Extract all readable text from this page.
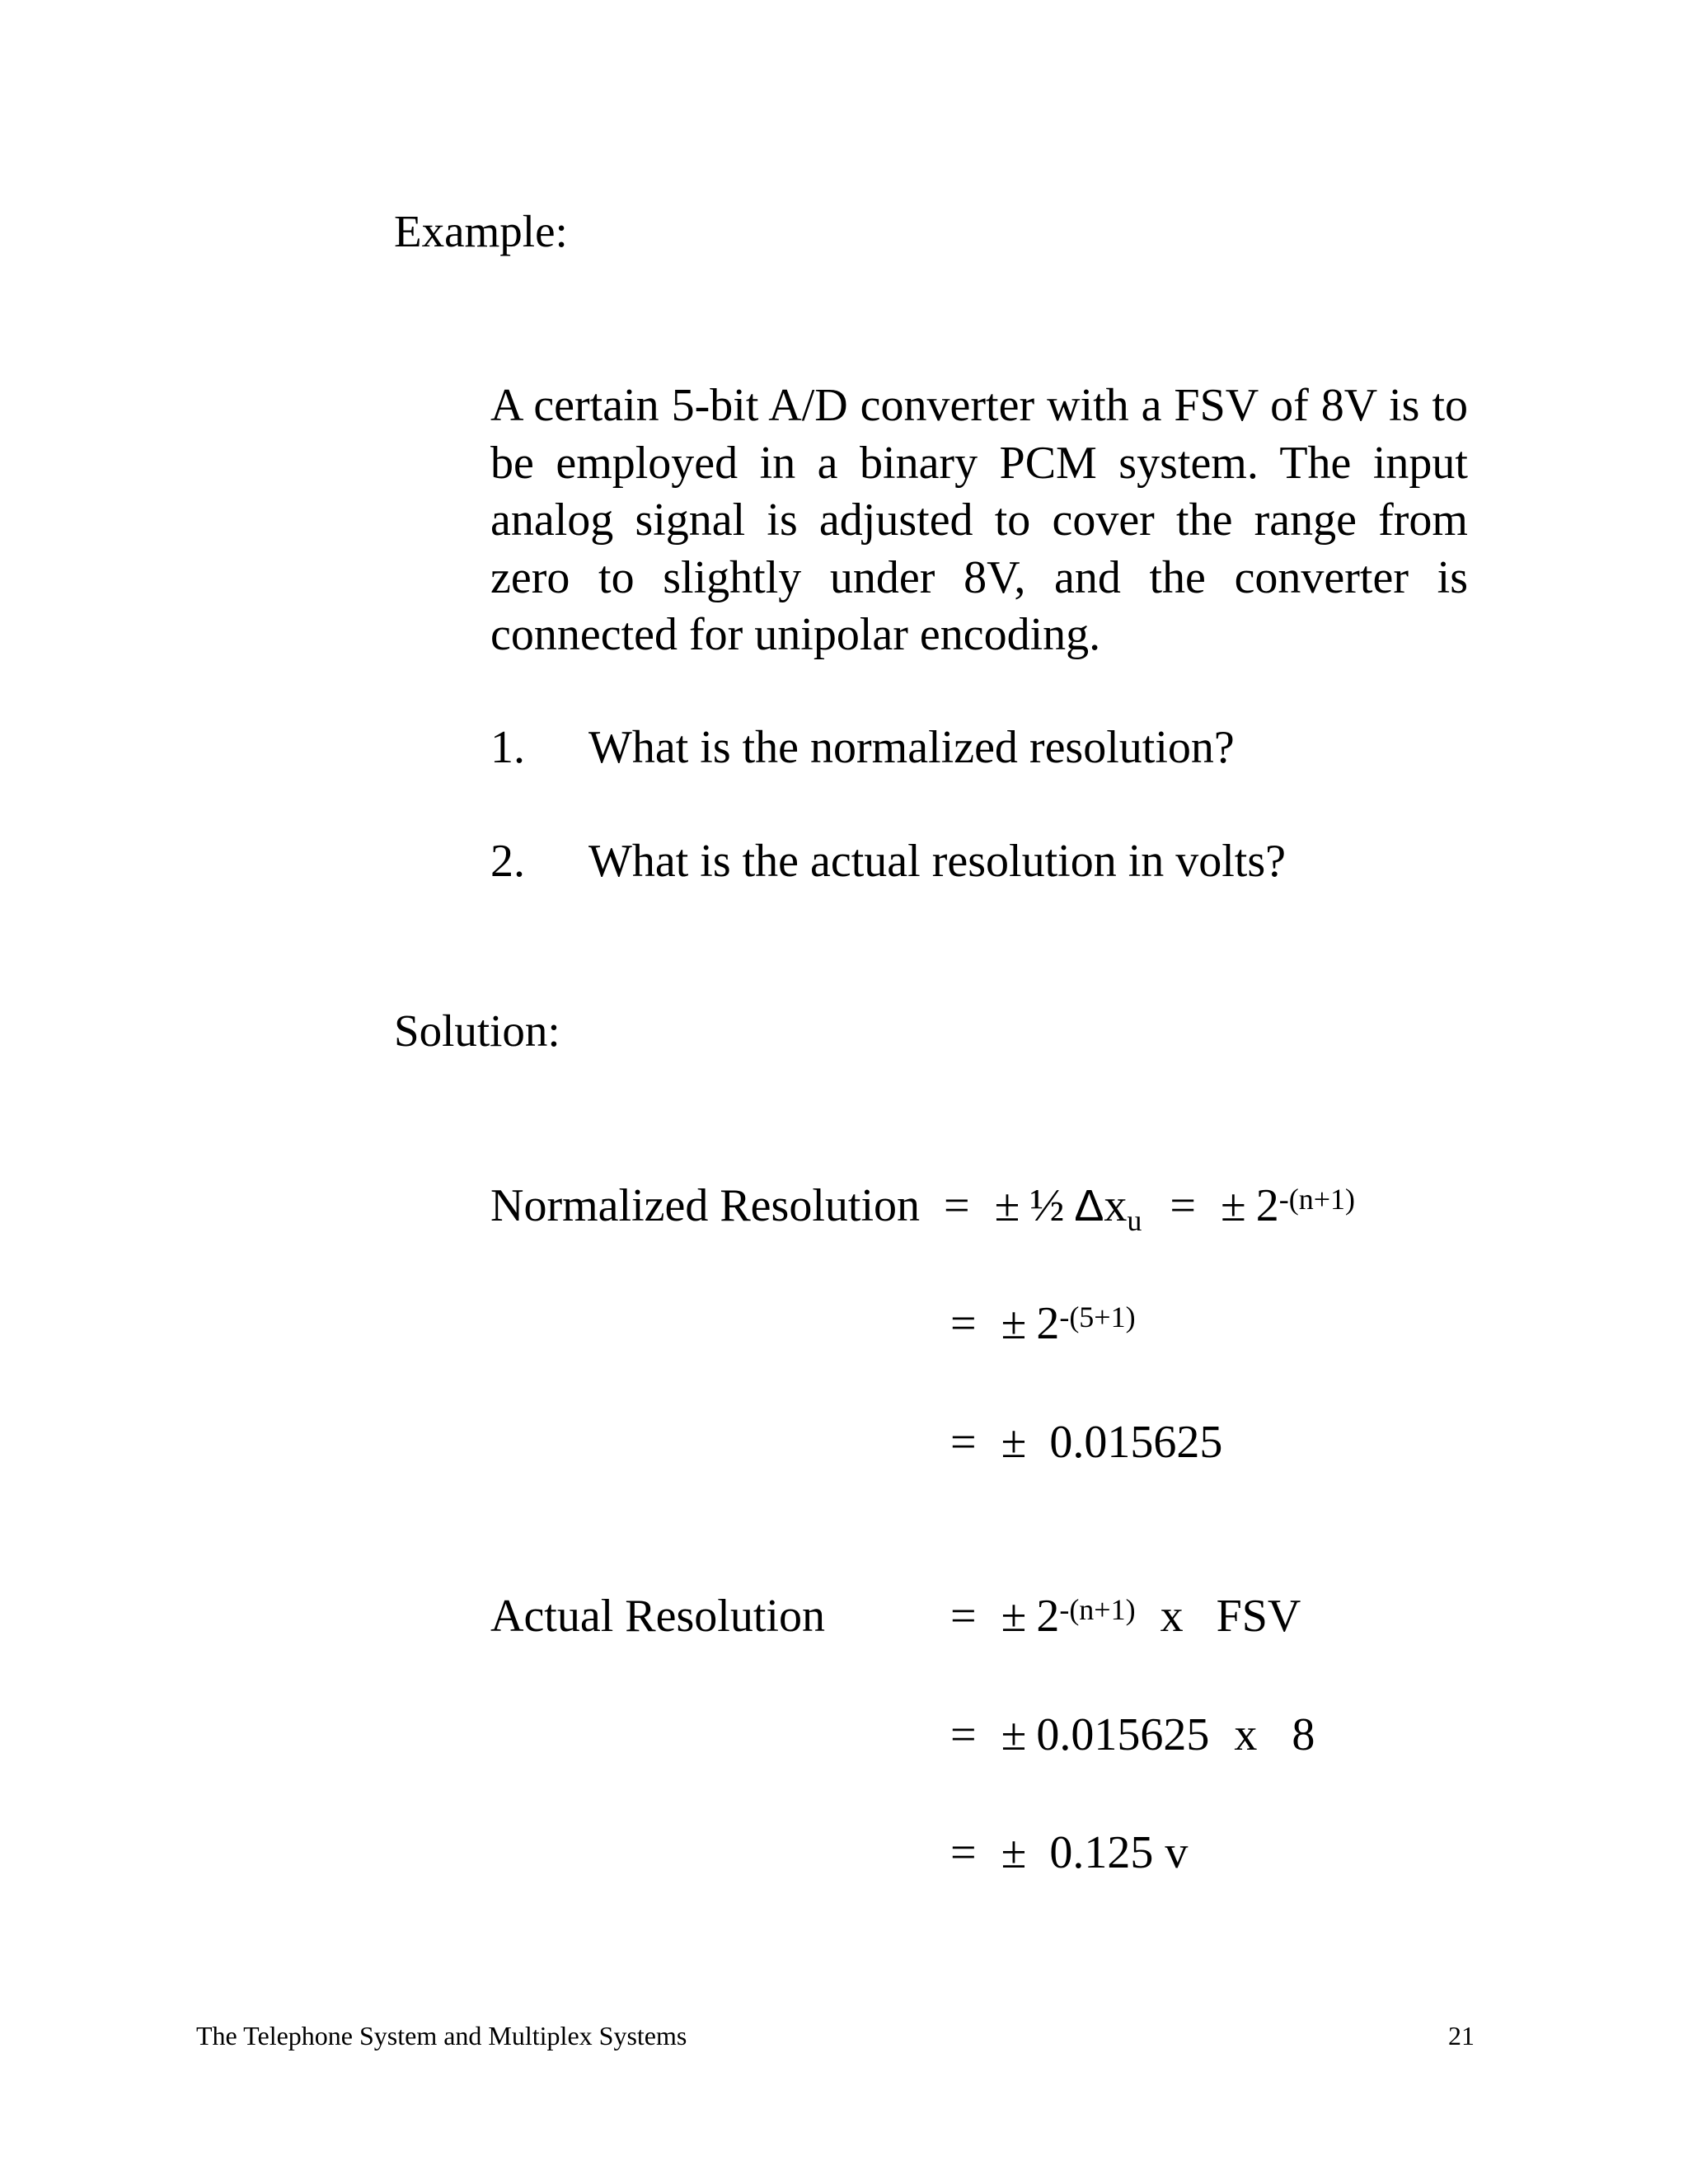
Example:
A certain 5-bit A/D converter with a FSV of 8V is to be employed in a binary PCM system. The input analog signal is adjusted to cover the range from zero to slightly under 8V, and the converter is connected for unipolar encoding.
1. What is the normalized resolution?
2. What is the actual resolution in volts?
Solution:
Normalized Resolution = ± ½ $\Delta x_u$ = ± $2^{-(n+1)}$
= ± $2^{-(5+1)}$
= ± 0.015625
Actual Resolution	= ± $2^{-(n+1)}$ x FSV
= ± 0.015625 x 8
= ± 0.125 v
The Telephone System and Multiplex Systems	21
